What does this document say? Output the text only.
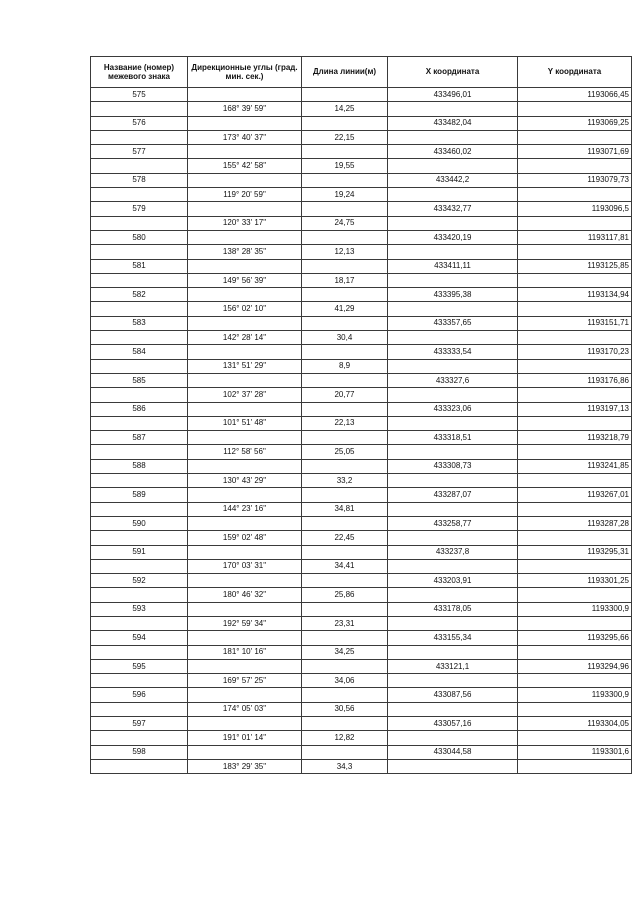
Название (номер) межевого знака	Дирекционные углы (град. мин. сек.)	Длина линии(м)	X координата	Y координата
575			433496,01	1193066,45
	168° 39' 59"	14,25		
576			433482,04	1193069,25
	173° 40' 37"	22,15		
577			433460,02	1193071,69
	155° 42' 58"	19,55		
578			433442,2	1193079,73
	119° 20' 59"	19,24		
579			433432,77	1193096,5
	120° 33' 17"	24,75		
580			433420,19	1193117,81
	138° 28' 35"	12,13		
581			433411,11	1193125,85
	149° 56' 39"	18,17		
582			433395,38	1193134,94
	156° 02' 10"	41,29		
583			433357,65	1193151,71
	142° 28' 14"	30,4		
584			433333,54	1193170,23
	131° 51' 29"	8,9		
585			433327,6	1193176,86
	102° 37' 28"	20,77		
586			433323,06	1193197,13
	101° 51' 48"	22,13		
587			433318,51	1193218,79
	112° 58' 56"	25,05		
588			433308,73	1193241,85
	130° 43' 29"	33,2		
589			433287,07	1193267,01
	144° 23' 16"	34,81		
590			433258,77	1193287,28
	159° 02' 48"	22,45		
591			433237,8	1193295,31
	170° 03' 31"	34,41		
592			433203,91	1193301,25
	180° 46' 32"	25,86		
593			433178,05	1193300,9
	192° 59' 34"	23,31		
594			433155,34	1193295,66
	181° 10' 16"	34,25		
595			433121,1	1193294,96
	169° 57' 25"	34,06		
596			433087,56	1193300,9
	174° 05' 03"	30,56		
597			433057,16	1193304,05
	191° 01' 14"	12,82		
598			433044,58	1193301,6
	183° 29' 35"	34,3		
